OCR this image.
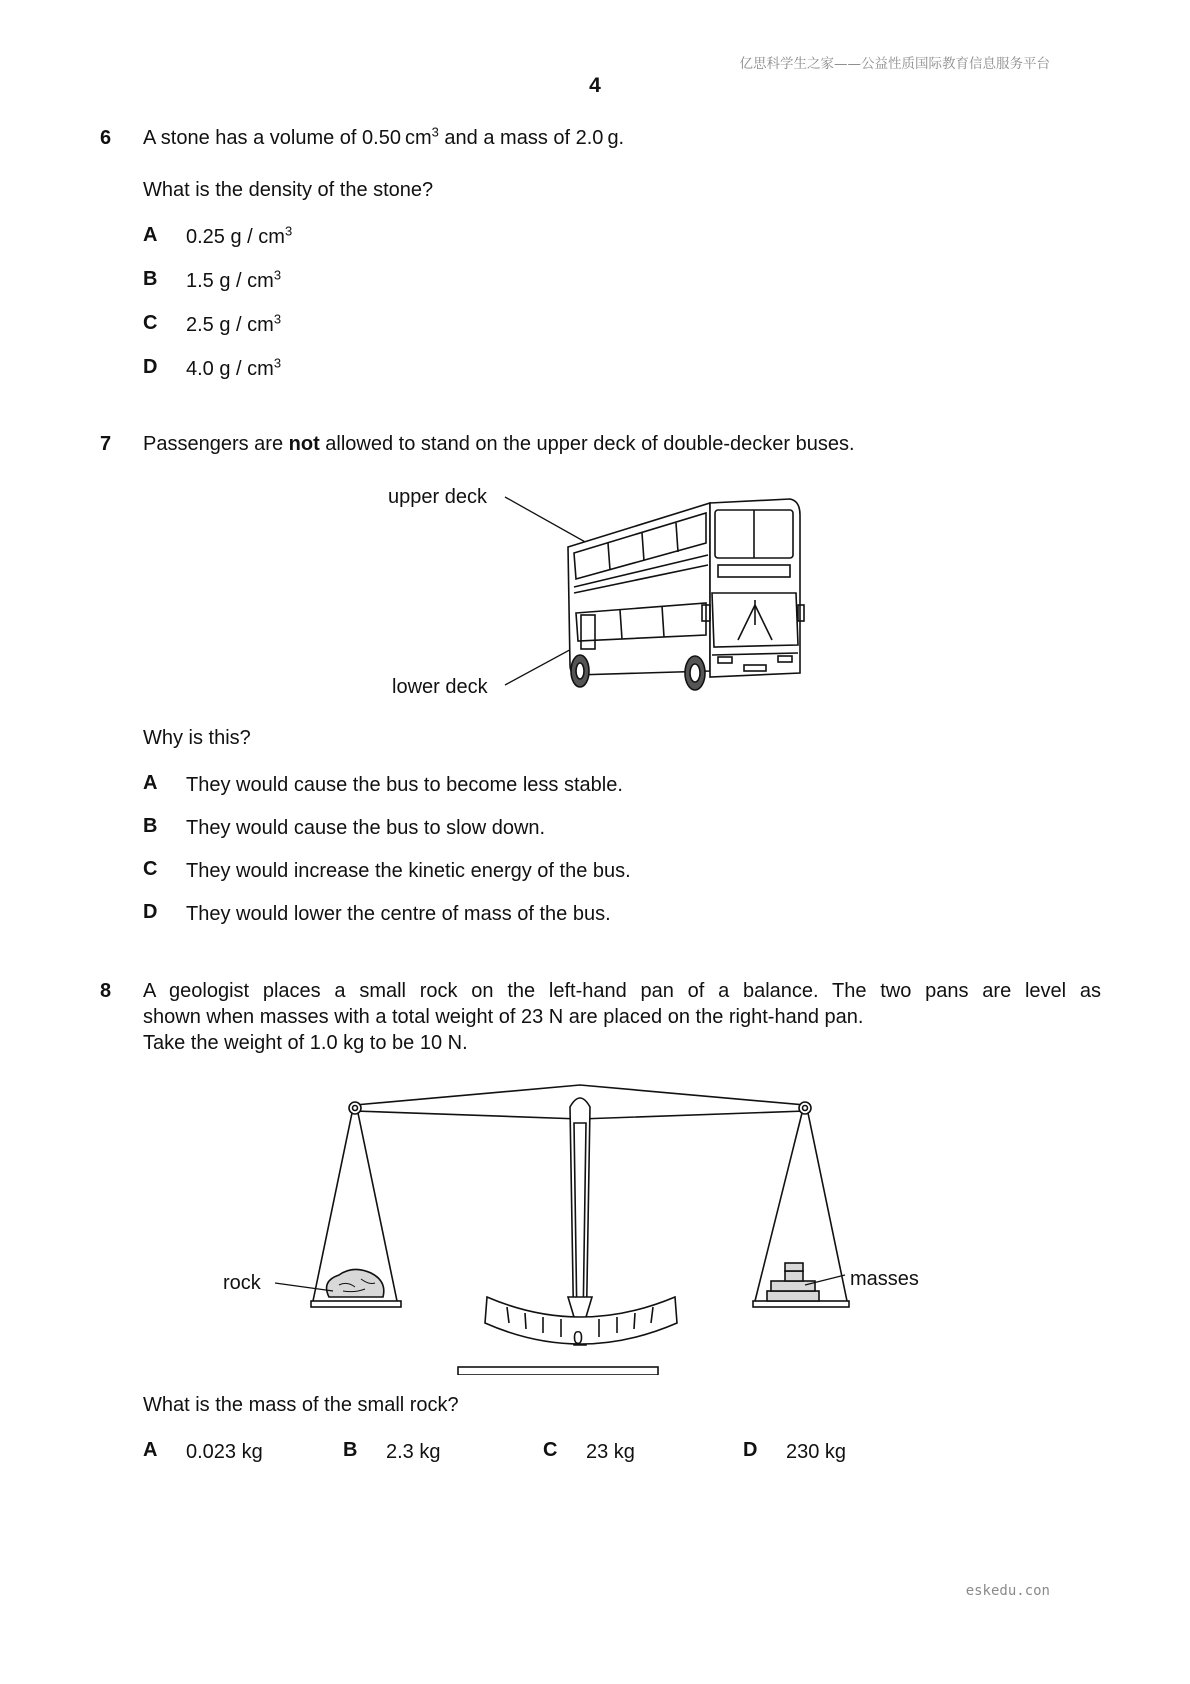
亿思科学生之家——公益性质国际教育信息服务平台
4
6 A stone has a volume of 0.50  $cm^3$ and a mass of 2.0  g.
What is the density of the stone?
A 0.25 g / $cm^3$
B 1.5 g / $cm^3$
C 2.5 g / $cm^3$
D 4.0 g / $cm^3$
7 Passengers are not allowed to stand on the upper deck of double-decker buses.
upper deck
lower deck
Why is this?
A They would cause the bus to become less stable.
B They would cause the bus to slow down.
C They would increase the kinetic energy of the bus.
D They would lower the centre of mass of the bus.
8 A geologist places a small rock on the left-hand pan of a balance. The two pans are level as
shown when masses with a total weight of 23 N are placed on the right-hand pan.
Take the weight of 1.0 kg to be 10 N.
rock	masses
0
What is the mass of the small rock?
A 0.023 kg	B 2.3 kg	C 23 kg	D 230 kg
eskedu.con
